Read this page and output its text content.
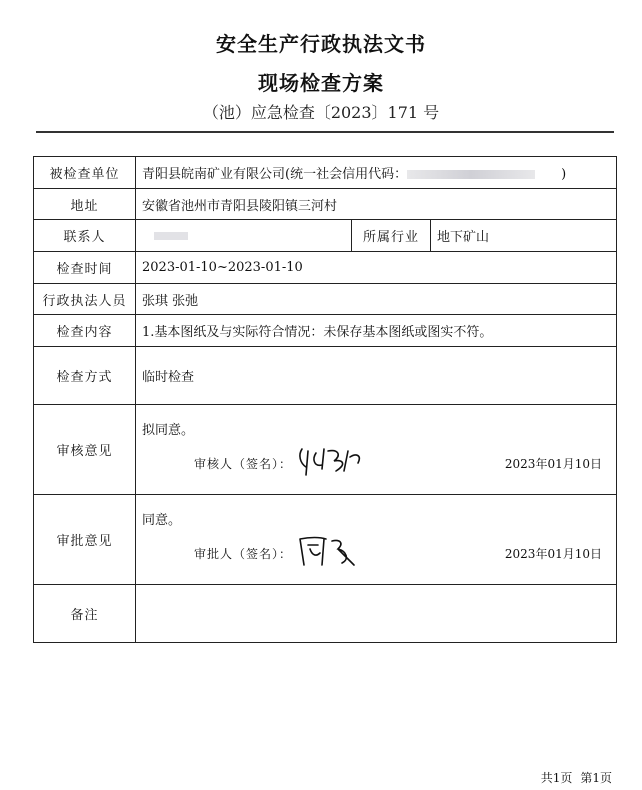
安全生产行政执法文书
现场检查方案
（池）应急检查〔2023〕171 号
被检查单位	青阳县皖南矿业有限公司(统一社会信用代码： )		
地址	安徽省池州市青阳县陵阳镇三河村		
联系人		所属行业	地下矿山
检查时间	2023-01-10~2023-01-10		
行政执法人员	张琪 张弛		
检查内容	1.基本图纸及与实际符合情况：未保存基本图纸或图实不符。		
检查方式	临时检查		
审核意见	拟同意。
审核人（签名）： 2023年01月10日		

审批意见	同意。
审批人（签名）： 2023年01月10日		

备注			
共1页 第1页
